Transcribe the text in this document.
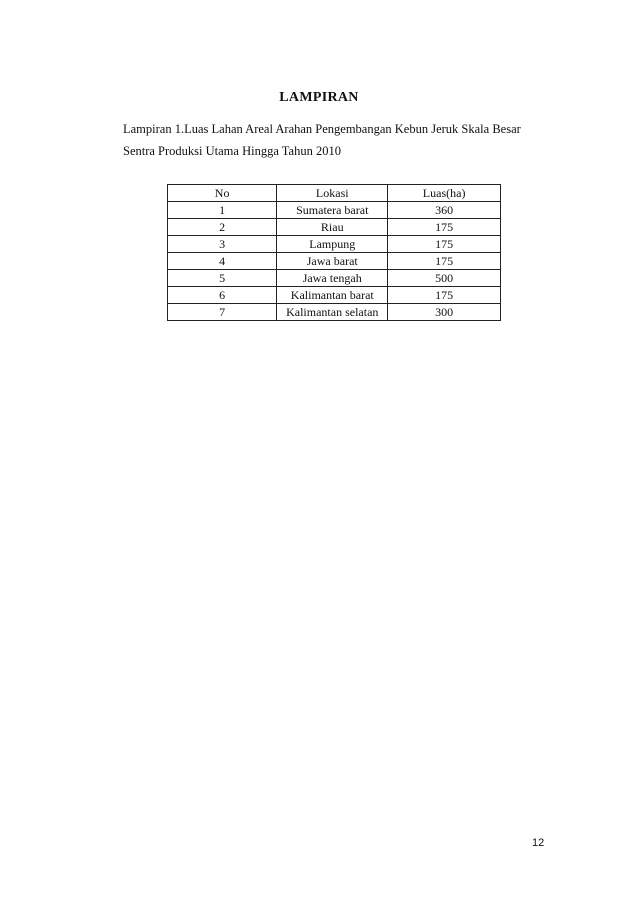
LAMPIRAN
Lampiran 1.Luas Lahan Areal Arahan Pengembangan Kebun Jeruk Skala Besar
Sentra Produksi Utama Hingga Tahun 2010
No	Lokasi	Luas(ha)
1	Sumatera barat	360
2	Riau	175
3	Lampung	175
4	Jawa barat	175
5	Jawa tengah	500
6	Kalimantan barat	175
7	Kalimantan selatan	300
12
